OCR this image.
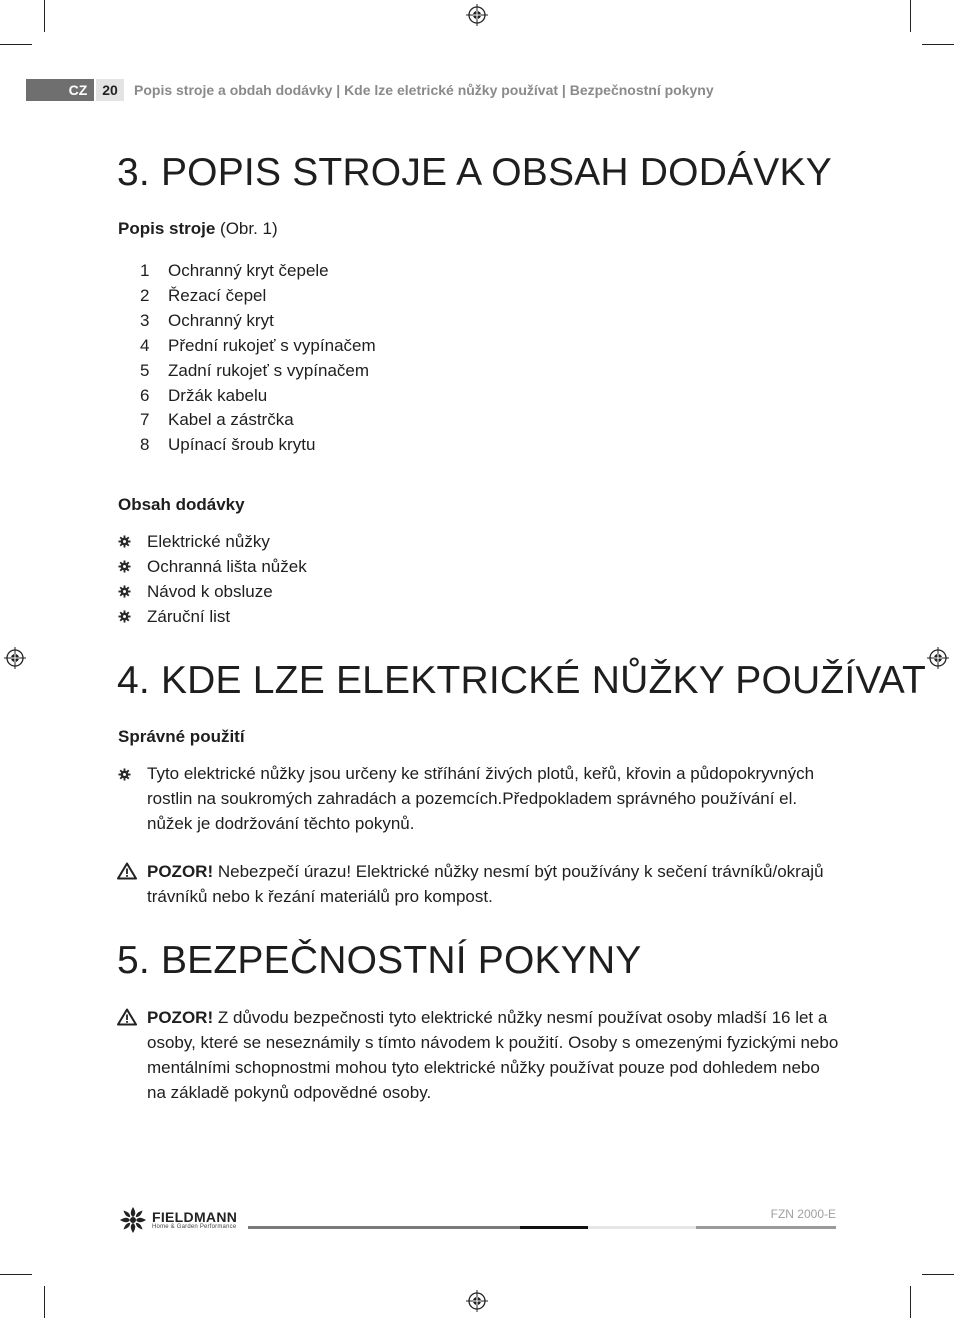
CZ	20	Popis stroje a obdah dodávky | Kde lze eletrické nůžky používat | Bezpečnostní pokyny
3. POPIS STROJE A OBSAH DODÁVKY
Popis stroje (Obr. 1)
1	Ochranný kryt čepele
2	Řezací čepel
3	Ochranný kryt
4	Přední rukojeť s vypínačem
5	Zadní rukojeť s vypínačem
6	Držák kabelu
7	Kabel a zástrčka
8	Upínací šroub krytu
Obsah dodávky
Elektrické nůžky
Ochranná lišta nůžek
Návod k obsluze
Záruční list
4. KDE LZE ELEKTRICKÉ NŮŽKY POUŽÍVAT
Správné použití
Tyto elektrické nůžky jsou určeny ke stříhání živých plotů, keřů, křovin a půdopokryvných rostlin na soukromých zahradách a pozemcích.Předpokladem správného používání el. nůžek je dodržování těchto pokynů.
POZOR! Nebezpečí úrazu! Elektrické nůžky nesmí být používány k sečení trávníků/okrajů trávníků nebo k řezání materiálů pro kompost.
5. BEZPEČNOSTNÍ POKYNY
POZOR! Z důvodu bezpečnosti tyto elektrické nůžky nesmí používat osoby mladší 16 let a osoby, které se neseznámily s tímto návodem k použití. Osoby s omezenými fyzickými nebo mentálními schopnostmi mohou tyto elektrické nůžky používat pouze pod dohledem nebo na základě pokynů odpovědné osoby.
FIELDMANN
Home & Garden Performance
FZN 2000-E
